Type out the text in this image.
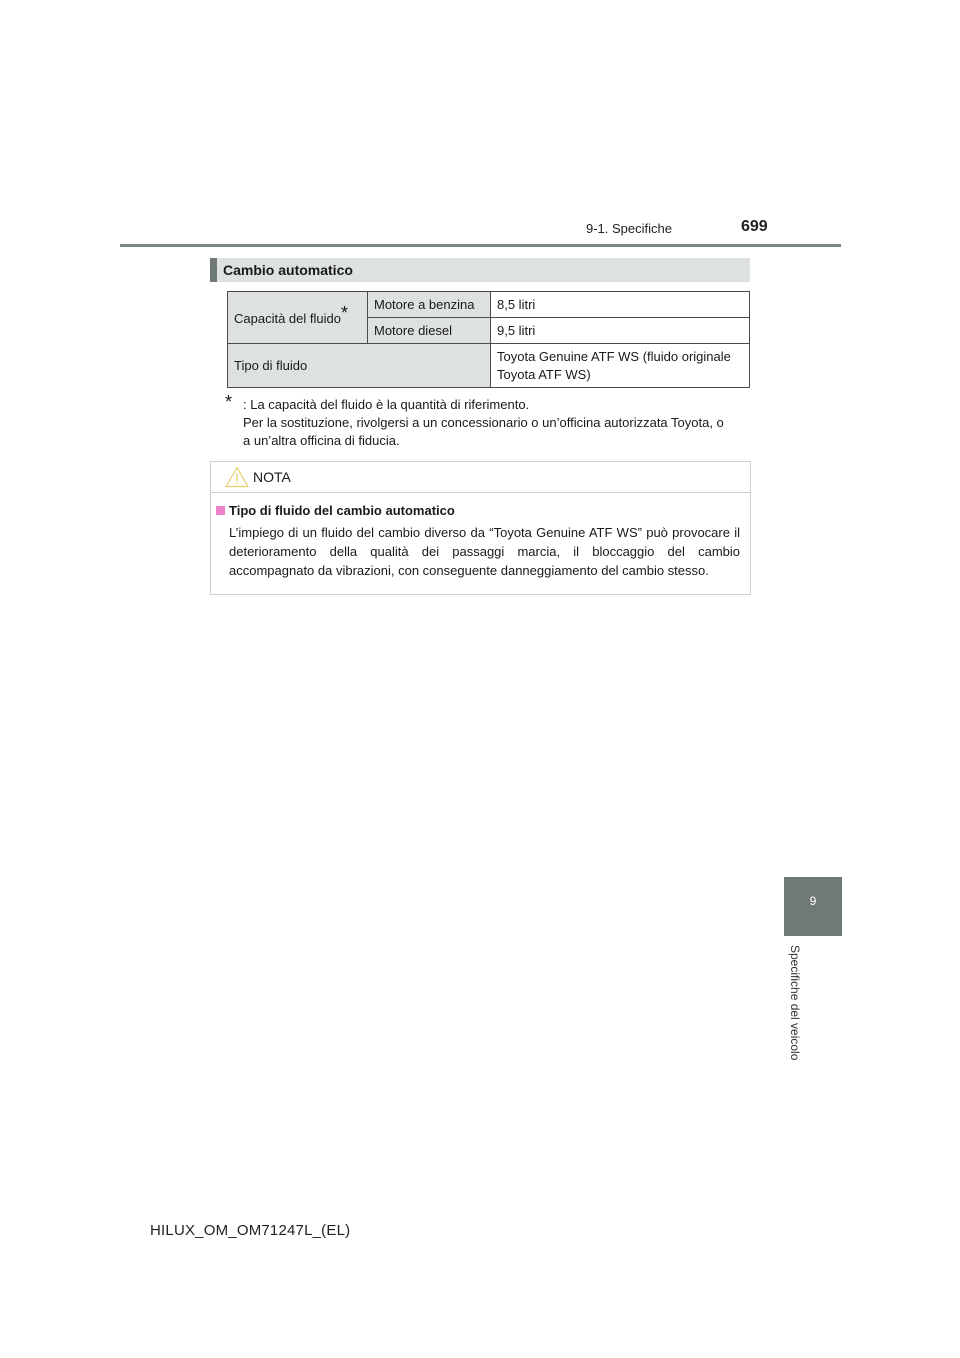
9-1. Specifiche	699
Cambio automatico
Capacità del fluido*	Motore a benzina	8,5 litri
	Motore diesel	9,5 litri
Tipo di fluido		Toyota Genuine ATF WS (fluido originale
Toyota ATF WS)
* : La capacità del fluido è la quantità di riferimento.
Per la sostituzione, rivolgersi a un concessionario o un’officina autorizzata Toyota, o
a un’altra officina di fiducia.
NOTA
Tipo di fluido del cambio automatico
L’impiego di un fluido del cambio diverso da “Toyota Genuine ATF WS” può provocare il deterioramento della qualità dei passaggi marcia, il bloccaggio del cambio accompagnato da vibrazioni, con conseguente danneggiamento del cambio stesso.
9
Specifiche del veicolo
HILUX_OM_OM71247L_(EL)
